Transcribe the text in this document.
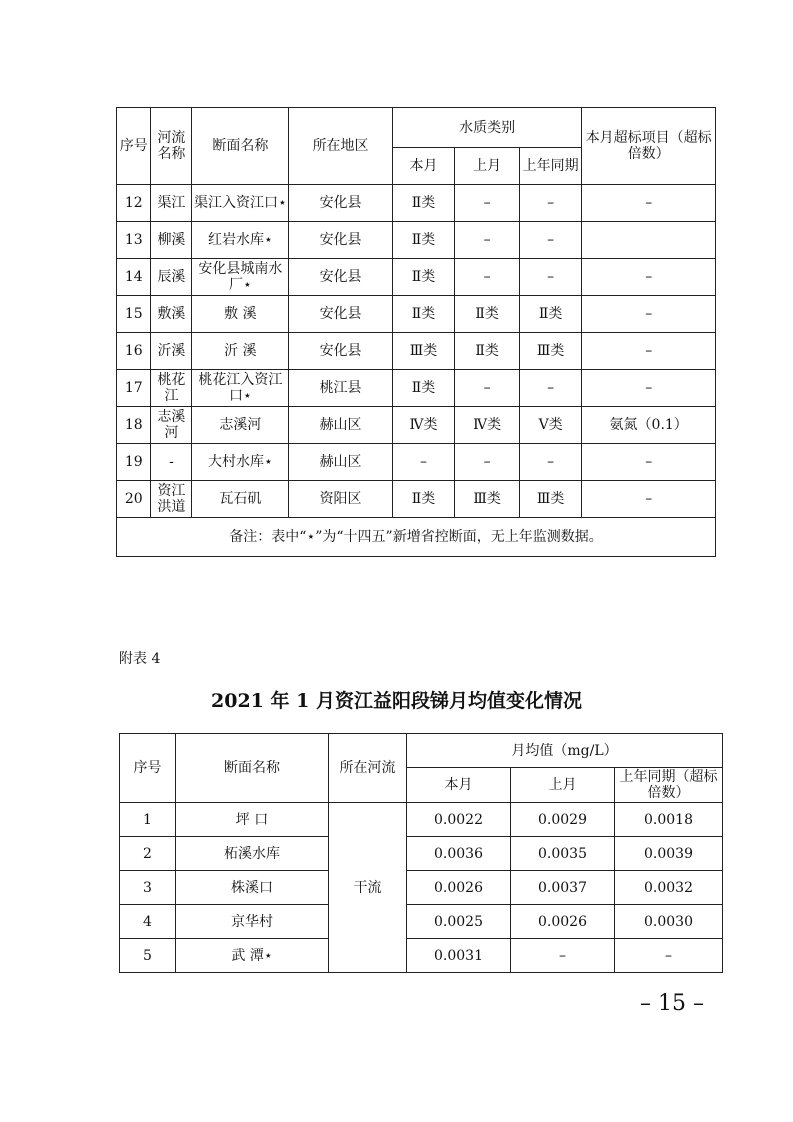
序号	河流名称	断面名称	所在地区	水质类别			本月超标项目（超标倍数）
				本月	上月	上年同期	
12	渠江	渠江入资江口⋆	安化县	Ⅱ类	–	–	–
13	柳溪	红岩水库⋆	安化县	Ⅱ类	–	–	
14	辰溪	安化县城南水厂⋆	安化县	Ⅱ类	–	–	–
15	敷溪	敷 溪	安化县	Ⅱ类	Ⅱ类	Ⅱ类	–
16	沂溪	沂 溪	安化县	Ⅲ类	Ⅱ类	Ⅲ类	–
17	桃花江	桃花江入资江口⋆	桃江县	Ⅱ类	–	–	–
18	志溪河	志溪河	赫山区	Ⅳ类	Ⅳ类	Ⅴ类	氨氮（0.1）
19	-	大村水库⋆	赫山区	–	–	–	–
20	资江洪道	瓦石矶	资阳区	Ⅱ类	Ⅲ类	Ⅲ类	–
备注：表中“⋆”为“十四五”新增省控断面，无上年监测数据。							
附表 4
2021 年 1 月资江益阳段锑月均值变化情况
序号	断面名称	所在河流	月均值（mg/L）		
			本月	上月	上年同期（超标倍数）
1	坪 口	干流	0.0022	0.0029	0.0018
2	柘溪水库		0.0036	0.0035	0.0039
3	株溪口		0.0026	0.0037	0.0032
4	京华村		0.0025	0.0026	0.0030
5	武 潭⋆		0.0031	–	–
– 15 –
